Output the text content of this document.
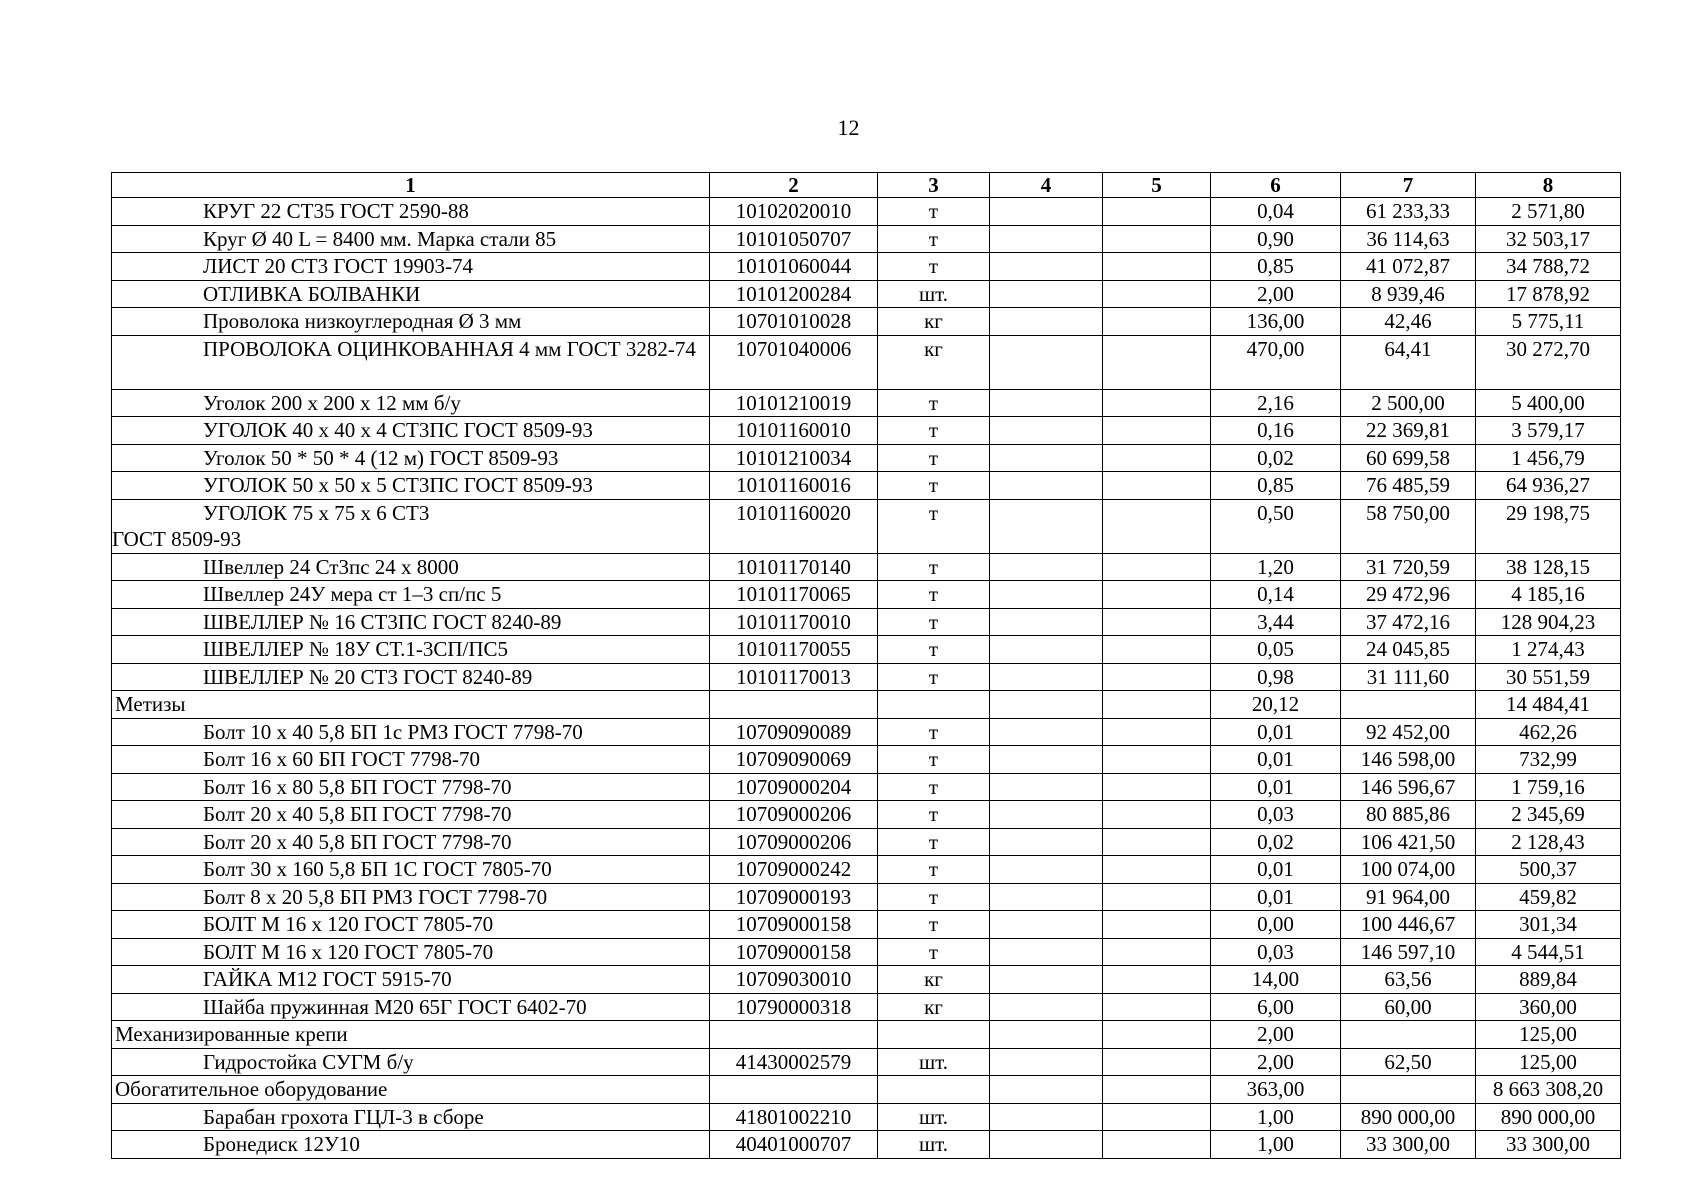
12
1	2	3	4	5	6	7	8
КРУГ 22 СТ35 ГОСТ 2590-88	10102020010	т			0,04	61 233,33	2 571,80
Круг Ø 40 L = 8400 мм. Марка стали 85	10101050707	т			0,90	36 114,63	32 503,17
ЛИСТ 20 СТ3 ГОСТ 19903-74	10101060044	т			0,85	41 072,87	34 788,72
ОТЛИВКА БОЛВАНКИ	10101200284	шт.			2,00	8 939,46	17 878,92
Проволока низкоуглеродная Ø 3 мм	10701010028	кг			136,00	42,46	5 775,11
ПРОВОЛОКА ОЦИНКОВАННАЯ 4 мм ГОСТ 3282-74	10701040006	кг			470,00	64,41	30 272,70
Уголок 200 х 200 х 12 мм б/у	10101210019	т			2,16	2 500,00	5 400,00
УГОЛОК 40 х 40 х 4 СТ3ПС ГОСТ 8509-93	10101160010	т			0,16	22 369,81	3 579,17
Уголок 50 * 50 * 4 (12 м) ГОСТ 8509-93	10101210034	т			0,02	60 699,58	1 456,79
УГОЛОК 50 х 50 х 5 СТ3ПС ГОСТ 8509-93	10101160016	т			0,85	76 485,59	64 936,27
УГОЛОК 75 х 75 х 6 СТ3
ГОСТ 8509-93	10101160020	т			0,50	58 750,00	29 198,75
Швеллер 24 Ст3пс 24 х 8000	10101170140	т			1,20	31 720,59	38 128,15
Швеллер 24У мера ст 1–3 сп/пс 5	10101170065	т			0,14	29 472,96	4 185,16
ШВЕЛЛЕР № 16 СТ3ПС ГОСТ 8240-89	10101170010	т			3,44	37 472,16	128 904,23
ШВЕЛЛЕР № 18У СТ.1-3СП/ПС5	10101170055	т			0,05	24 045,85	1 274,43
ШВЕЛЛЕР № 20 СТ3 ГОСТ 8240-89	10101170013	т			0,98	31 111,60	30 551,59
Метизы					20,12		14 484,41
Болт 10 х 40 5,8 БП 1с РМЗ ГОСТ 7798-70	10709090089	т			0,01	92 452,00	462,26
Болт 16 х 60 БП ГОСТ 7798-70	10709090069	т			0,01	146 598,00	732,99
Болт 16 х 80 5,8 БП ГОСТ 7798-70	10709000204	т			0,01	146 596,67	1 759,16
Болт 20 х 40 5,8 БП ГОСТ 7798-70	10709000206	т			0,03	80 885,86	2 345,69
Болт 20 х 40 5,8 БП ГОСТ 7798-70	10709000206	т			0,02	106 421,50	2 128,43
Болт 30 х 160 5,8 БП 1С ГОСТ 7805-70	10709000242	т			0,01	100 074,00	500,37
Болт 8 х 20 5,8 БП РМЗ ГОСТ 7798-70	10709000193	т			0,01	91 964,00	459,82
БОЛТ М 16 х 120 ГОСТ 7805-70	10709000158	т			0,00	100 446,67	301,34
БОЛТ М 16 х 120 ГОСТ 7805-70	10709000158	т			0,03	146 597,10	4 544,51
ГАЙКА М12 ГОСТ 5915-70	10709030010	кг			14,00	63,56	889,84
Шайба пружинная М20 65Г ГОСТ 6402-70	10790000318	кг			6,00	60,00	360,00
Механизированные крепи					2,00		125,00
Гидростойка СУГМ б/у	41430002579	шт.			2,00	62,50	125,00
Обогатительное оборудование					363,00		8 663 308,20
Барабан грохота ГЦЛ-3 в сборе	41801002210	шт.			1,00	890 000,00	890 000,00
Бронедиск 12У10	40401000707	шт.			1,00	33 300,00	33 300,00
